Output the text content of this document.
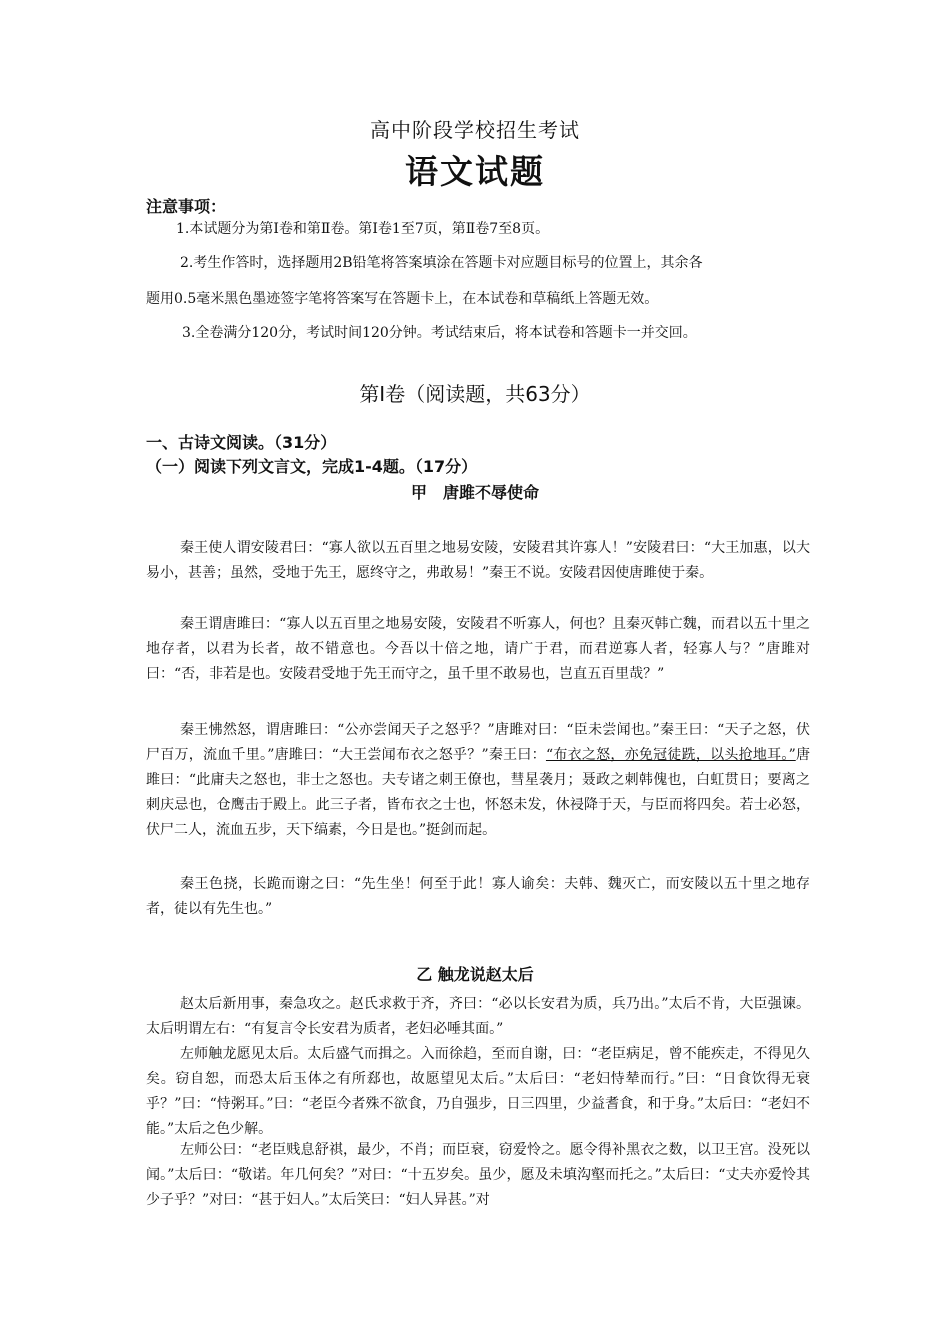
高中阶段学校招生考试
语文试题
注意事项：
1.本试题分为第Ⅰ卷和第Ⅱ卷。第Ⅰ卷1至7页，第Ⅱ卷7至8页。
2.考生作答时，选择题用2B铅笔将答案填涂在答题卡对应题目标号的位置上，其余各
题用0.5毫米黑色墨迹签字笔将答案写在答题卡上，在本试卷和草稿纸上答题无效。
3.全卷满分120分，考试时间120分钟。考试结束后，将本试卷和答题卡一并交回。
第Ⅰ卷（阅读题，共63分）
一、古诗文阅读。（31分）
（一）阅读下列文言文，完成1-4题。（17分）
甲　唐雎不辱使命

秦王使人谓安陵君曰：“寡人欲以五百里之地易安陵，安陵君其许寡人！”安陵君曰：“大王加惠，以大易小，甚善；虽然，受地于先王，愿终守之，弗敢易！”秦王不说。安陵君因使唐雎使于秦。

秦王谓唐雎曰：“寡人以五百里之地易安陵，安陵君不听寡人，何也？且秦灭韩亡魏，而君以五十里之地存者，以君为长者，故不错意也。今吾以十倍之地，请广于君，而君逆寡人者，轻寡人与？”唐雎对曰：“否，非若是也。安陵君受地于先王而守之，虽千里不敢易也，岂直五百里哉？”

秦王怫然怒，谓唐雎曰：“公亦尝闻天子之怒乎？”唐雎对曰：“臣未尝闻也。”秦王曰：“天子之怒，伏尸百万，流血千里。”唐雎曰：“大王尝闻布衣之怒乎？”秦王曰：“布衣之怒，亦免冠徒跣，以头抢地耳。”唐雎曰：“此庸夫之怒也，非士之怒也。夫专诸之刺王僚也，彗星袭月；聂政之刺韩傀也，白虹贯日；要离之刺庆忌也，仓鹰击于殿上。此三子者，皆布衣之士也，怀怒未发，休祲降于天，与臣而将四矣。若士必怒，伏尸二人，流血五步，天下缟素，今日是也。”挺剑而起。

秦王色挠，长跪而谢之曰：“先生坐！何至于此！寡人谕矣：夫韩、魏灭亡，而安陵以五十里之地存者，徒以有先生也。”

乙 触龙说赵太后

赵太后新用事，秦急攻之。赵氏求救于齐，齐曰：“必以长安君为质，兵乃出。”太后不肯，大臣强谏。太后明谓左右：“有复言令长安君为质者，老妇必唾其面。”

左师触龙愿见太后。太后盛气而揖之。入而徐趋，至而自谢，曰：“老臣病足，曾不能疾走，不得见久矣。窃自恕，而恐太后玉体之有所郄也，故愿望见太后。”太后曰：“老妇恃辇而行。”曰：“日食饮得无衰乎？”曰：“恃粥耳。”曰：“老臣今者殊不欲食，乃自强步，日三四里，少益耆食，和于身。”太后曰：“老妇不能。”太后之色少解。

左师公曰：“老臣贱息舒祺，最少，不肖；而臣衰，窃爱怜之。愿令得补黑衣之数，以卫王宫。没死以闻。”太后曰：“敬诺。年几何矣？”对曰：“十五岁矣。虽少，愿及未填沟壑而托之。”太后曰：“丈夫亦爱怜其少子乎？”对曰：“甚于妇人。”太后笑曰：“妇人异甚。”对
